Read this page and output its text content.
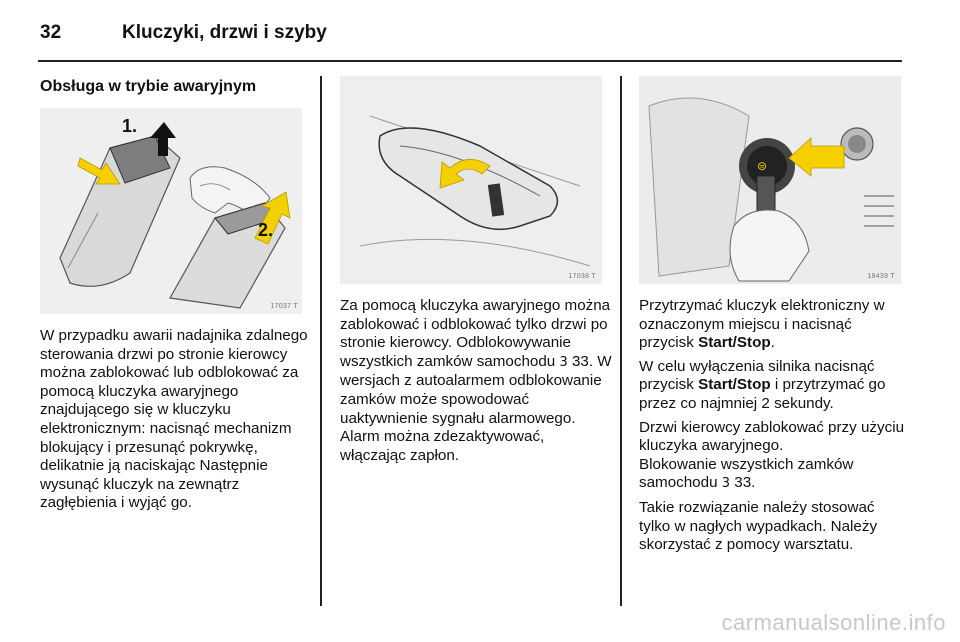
32	Kluczyki, drzwi i szyby
Obsługa w trybie awaryjnym
17037 T
1.
2.

W przypadku awarii nadajnika zdalnego sterowania drzwi po stronie kierowcy można zablokować lub odblokować za pomocą kluczyka awaryjnego znajdującego się w kluczyku elektronicznym: nacisnąć mechanizm blokujący i przesunąć pokrywkę, delikatnie ją naciskając Następnie wysunąć kluczyk na zewnątrz zagłębienia i wyjąć go.

17038 T

Za pomocą kluczyka awaryjnego można zablokować i odblokować tylko drzwi po stronie kierowcy. Odblokowywanie wszystkich zamków samochodu 3 33. W wersjach z autoalarmem odblokowanie zamków może spowodować uaktywnienie sygnału alarmowego. Alarm można zdezaktywować, włączając zapłon.

⊜
18439 T

Przytrzymać kluczyk elektroniczny w oznaczonym miejscu i nacisnąć przycisk Start/Stop.

W celu wyłączenia silnika nacisnąć przycisk Start/Stop i przytrzymać go przez co najmniej 2 sekundy.

Drzwi kierowcy zablokować przy użyciu kluczyka awaryjnego.

Blokowanie wszystkich zamków samochodu 3 33.

Takie rozwiązanie należy stosować tylko w nagłych wypadkach. Należy skorzystać z pomocy warsztatu.

carmanualsonline.info
